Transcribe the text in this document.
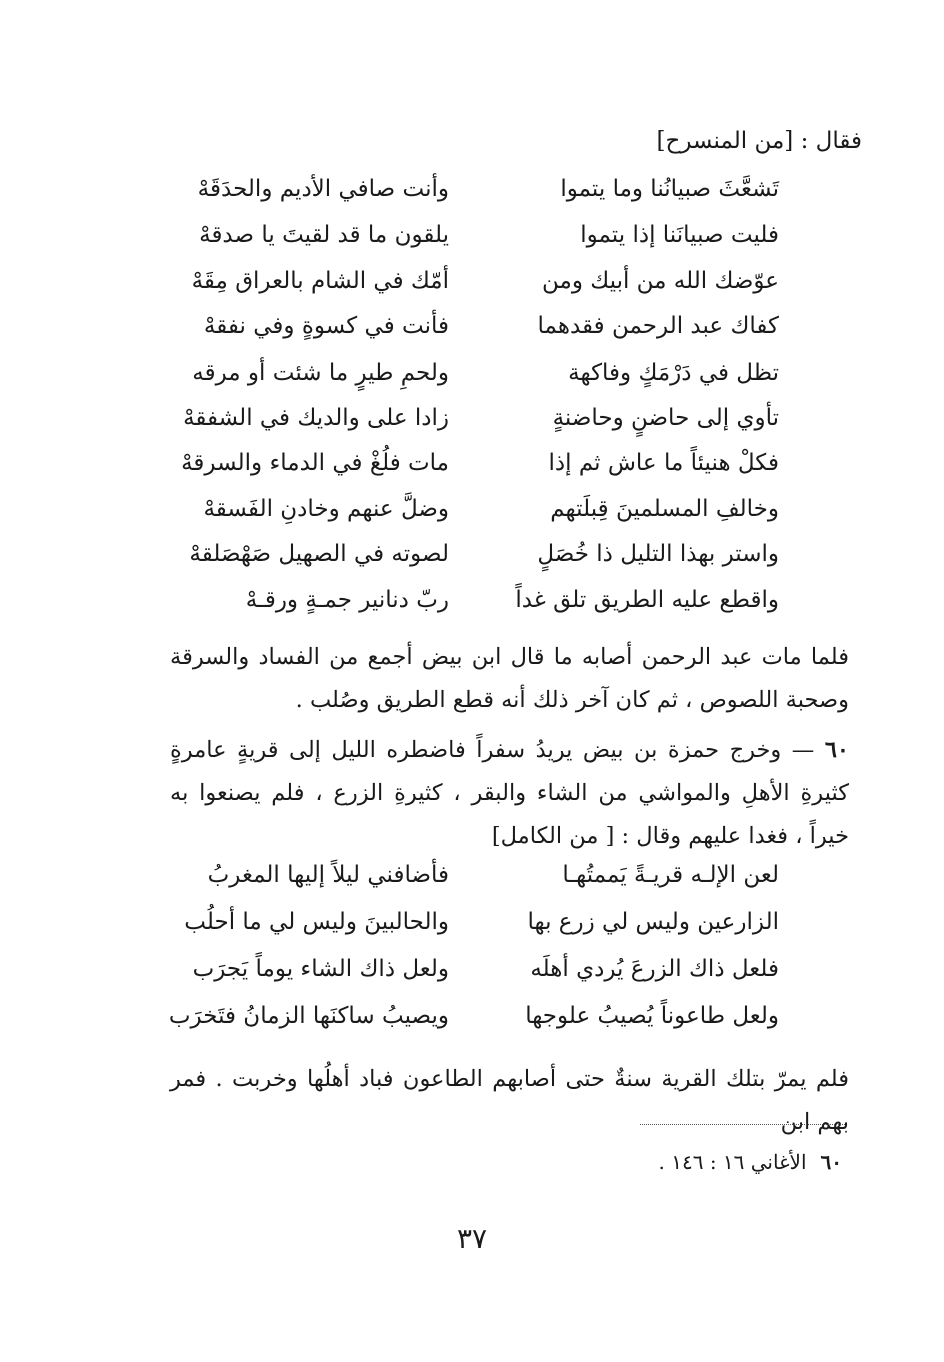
فقال : [من المنسرح]
تَشعَّثَ صبيانُنا وما يتموا
وأنت صافي الأديم والحدَقَهْ
فليت صبيانَنا إذا يتموا
يلقون ما قد لقيتَ يا صدقهْ
عوّضك الله من أبيك ومن
أمّك في الشام بالعراق مِقَهْ
كفاك عبد الرحمن فقدهما
فأنت في كسوةٍ وفي نفقهْ
تظل في دَرْمَكٍ وفاكهة
ولحمِ طيرٍ ما شئت أو مرقه
تأوي إلى حاضنٍ وحاضنةٍ
زادا على والديك في الشفقهْ
فكلْ هنيئاً ما عاش ثم إذا
مات فلُغْ في الدماء والسرقهْ
وخالفِ المسلمينَ قِبلَتهم
وضلَّ عنهم وخادنِ الفَسقهْ
واستر بهذا التليل ذا خُصَلٍ
لصوته في الصهيل صَهْصَلقهْ
واقطع عليه الطريق تلق غداً
ربّ دنانير جمـةٍ ورقـهْ
فلما مات عبد الرحمن أصابه ما قال ابن بيض أجمع من الفساد والسرقة وصحبة اللصوص ، ثم كان آخر ذلك أنه قطع الطريق وصُلب .
٦٠ — وخرج حمزة بن بيض يريدُ سفراً فاضطره الليل إلى قريةٍ عامرةٍ كثيرةِ الأهلِ والمواشي من الشاء والبقر ، كثيرةِ الزرع ، فلم يصنعوا به خيراً ، فغدا عليهم وقال : [ من الكامل]
لعن الإلـه قريـةً يَممتُهـا
فأضافني ليلاً إليها المغربُ
الزارعين وليس لي زرع بها
والحالبينَ وليس لي ما أحلُب
فلعل ذاك الزرعَ يُردي أهلَه
ولعل ذاك الشاء يوماً يَجرَب
ولعل طاعوناً يُصيبُ علوجها
ويصيبُ ساكنَها الزمانُ فتَخرَب
فلم يمرّ بتلك القرية سنةٌ حتى أصابهم الطاعون فباد أهلُها وخربت . فمر بهم ابن
٦٠الأغاني ١٦ : ١٤٦ .
٣٧
